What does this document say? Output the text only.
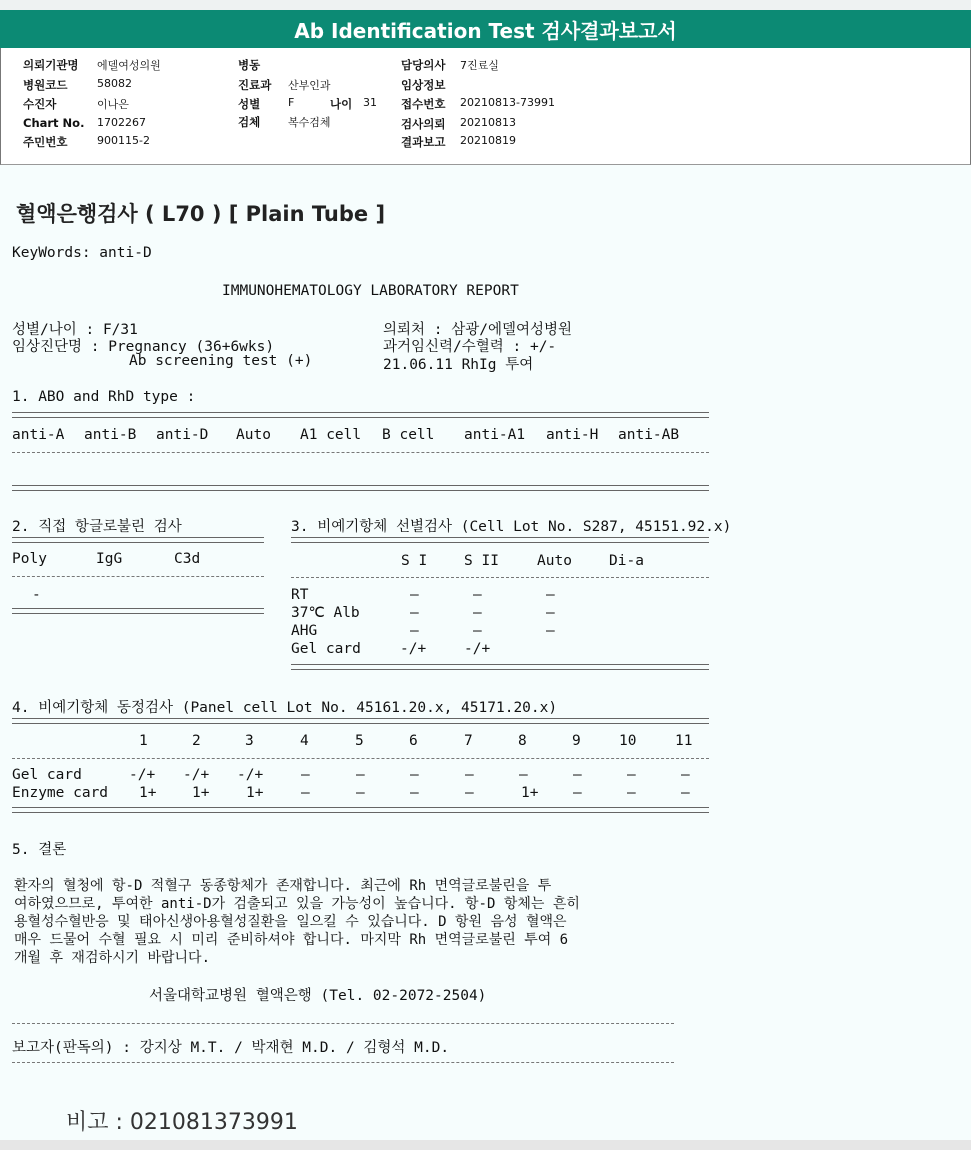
Ab Identification Test 검사결과보고서
의뢰기관명 에델여성의원
병원코드	58082
수진자	이나은
Chart No. 1702267
주민번호	900115-2
병동
진료과 산부인과
성별	F	나이 31
검체	복수검체
담당의사 7진료실
임상정보
접수번호 20210813-73991
검사의뢰 20210813
결과보고 20210819
혈액은행검사 ( L70 ) [ Plain Tube ]
KeyWords: anti-D
IMMUNOHEMATOLOGY LABORATORY REPORT
성별/나이 : F/31
임상진단명 : Pregnancy (36+6wks)
Ab screening test (+)
의뢰처 : 삼광/에델여성병원
과거임신력/수혈력 : +/-
21.06.11 RhIg 투여
1. ABO and RhD type :
anti-A anti-B anti-D Auto A1 cell B cell anti-A1 anti-H anti-AB
2. 직접 항글로불린 검사
Poly	IgG	C3d
-
3. 비예기항체 선별검사 (Cell Lot No. S287, 45151.92.x)
S I	S II	Auto	Di-a
RT	–	–	–
37℃ Alb	–	–	–
AHG	–	–	–
Gel card	-/+	-/+
4. 비예기항체 동정검사 (Panel cell Lot No. 45161.20.x, 45171.20.x)
1	2	3	4	5	6	7	8	9	10	11
Gel card	-/+ -/+ -/+	–	–	–	–	–	–	–	–
Enzyme card 1+ 1+	1+	–	–	–	–	1+ –	–	–
5. 결론
환자의 혈청에 항-D 적혈구 동종항체가 존재합니다. 최근에 Rh 면역글로불린을 투
여하였으므로, 투여한 anti-D가 검출되고 있을 가능성이 높습니다. 항-D 항체는 흔히
용혈성수혈반응 및 태아신생아용혈성질환을 일으킬 수 있습니다. D 항원 음성 혈액은
매우 드물어 수혈 필요 시 미리 준비하셔야 합니다. 마지막 Rh 면역글로불린 투여 6
개월 후 재검하시기 바랍니다.
서울대학교병원 혈액은행 (Tel. 02-2072-2504)
보고자(판독의) : 강지상 M.T. / 박재현 M.D. / 김형석 M.D.
비고 : 021081373991
